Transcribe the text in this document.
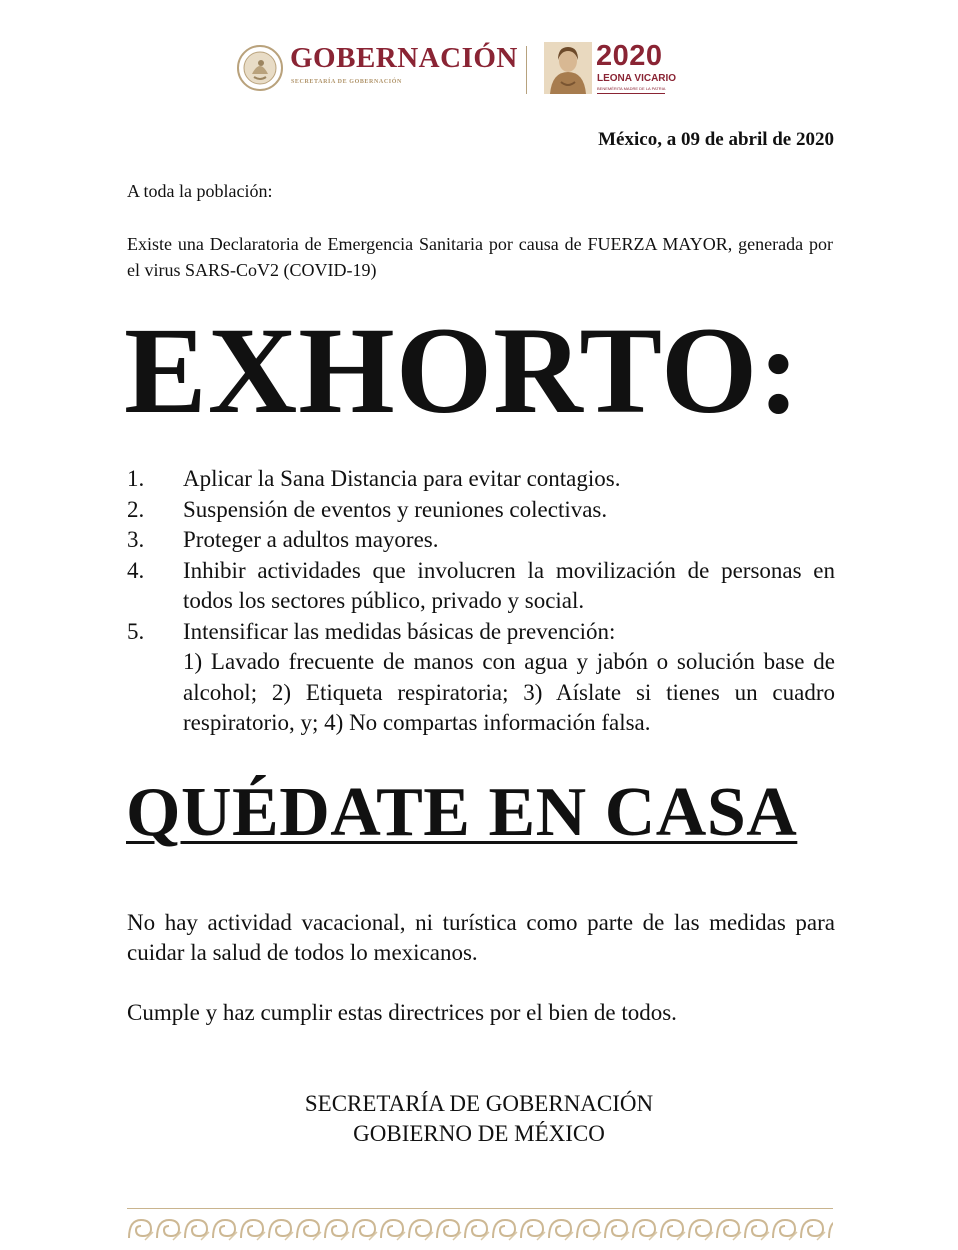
GOBERNACIÓN
SECRETARÍA DE GOBERNACIÓN
2020
LEONA VICARIO
BENEMÉRITA MADRE DE LA PATRIA
México, a 09 de abril de 2020
A toda la población:
Existe una Declaratoria de Emergencia Sanitaria por causa de FUERZA MAYOR, generada por el virus SARS-CoV2 (COVID-19)
EXHORTO:
1. Aplicar la Sana Distancia para evitar contagios.
2. Suspensión de eventos y reuniones colectivas.
3. Proteger a adultos mayores.
4. Inhibir actividades que involucren la movilización de personas en todos los sectores público, privado y social.
5. Intensificar las medidas básicas de prevención:
1) Lavado frecuente de manos con agua y jabón o solución base de alcohol; 2) Etiqueta respiratoria; 3) Aíslate si tienes un cuadro respiratorio, y; 4) No compartas información falsa.
QUÉDATE EN CASA
No hay actividad vacacional, ni turística como parte de las medidas para cuidar la salud de todos lo mexicanos.
Cumple y haz cumplir estas directrices por el bien de todos.
SECRETARÍA DE GOBERNACIÓN
GOBIERNO DE MÉXICO
